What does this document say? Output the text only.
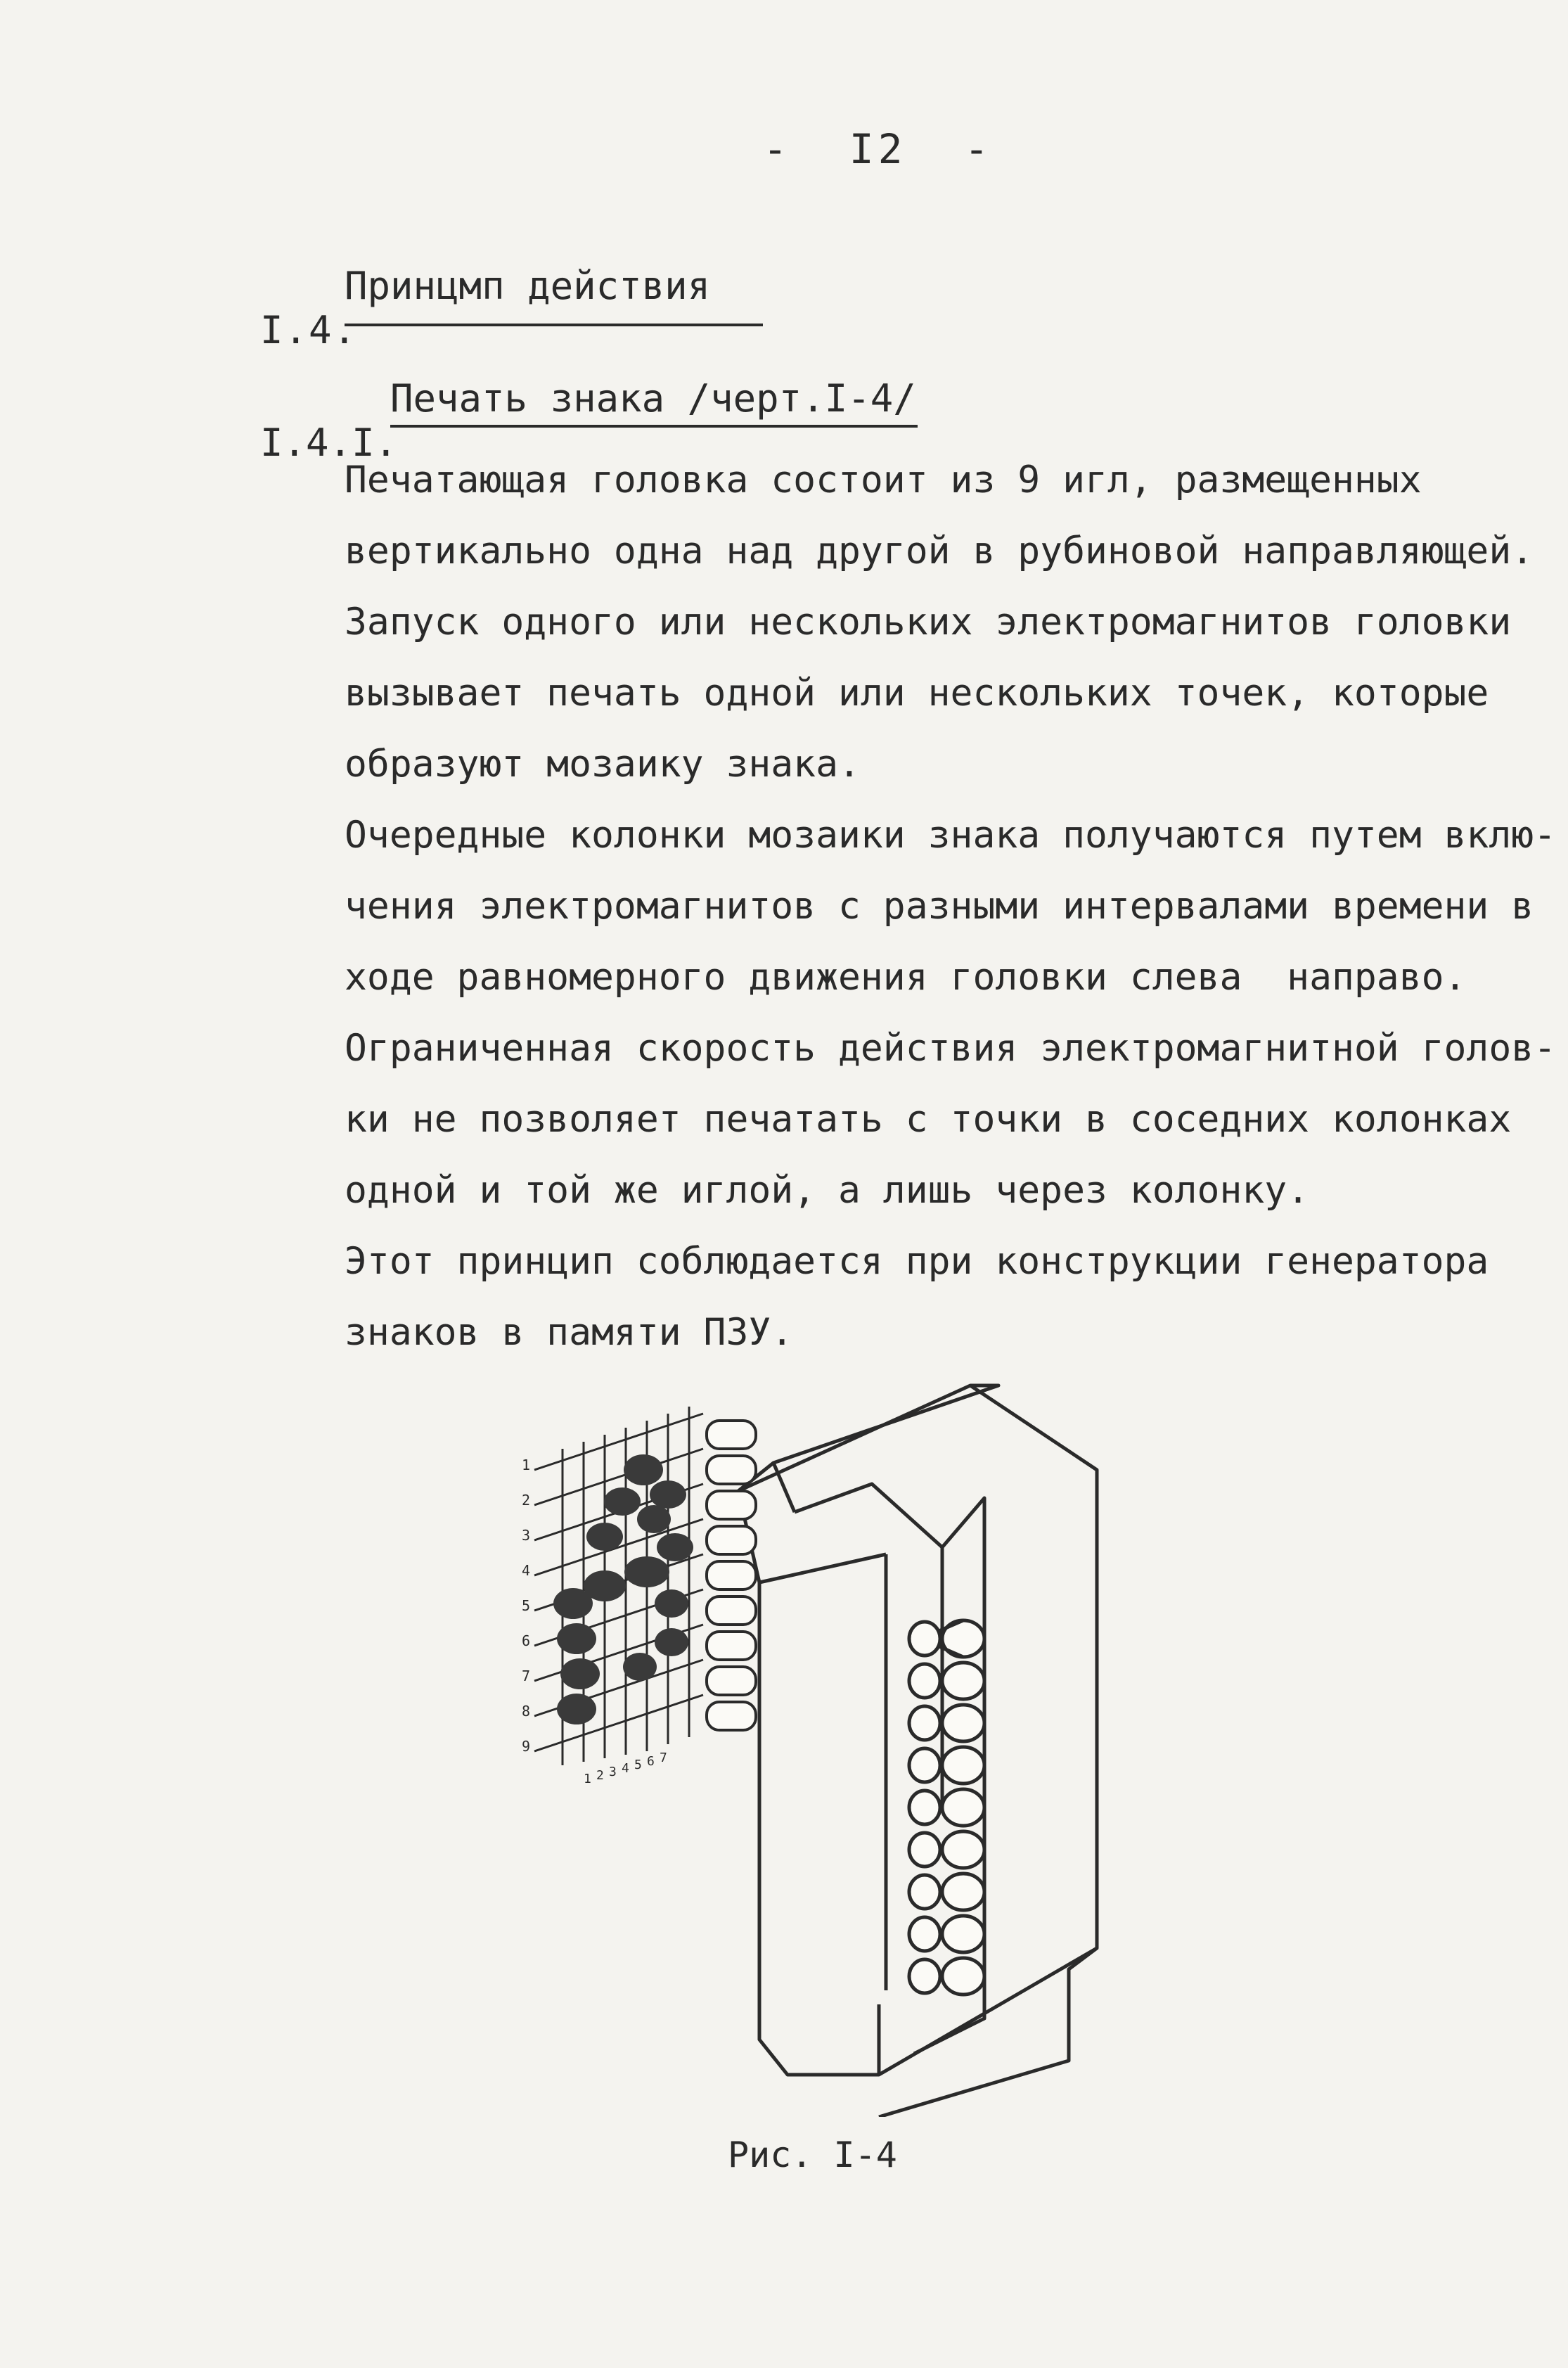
-  I2  -

I.4.

Принцмп действия

I.4.I.

Печать знака /черт.I-4/

Печатающая головка состоит из 9 игл, размещенных
вертикально одна над другой в рубиновой направляющей.
Запуск одного или нескольких электромагнитов головки
вызывает печать одной или нескольких точек, которые
образуют мозаику знака.
Очередные колонки мозаики знака получаются путем вклю-
чения электромагнитов с разными интервалами времени в
ходе равномерного движения головки слева  направо.
Ограниченная скорость действия электромагнитной голов-
ки не позволяет печатать с точки в соседних колонках
одной и той же иглой, а лишь через колонку.
Этот принцип соблюдается при конструкции генератора
знаков в памяти ПЗУ.
1
2
3
4
5
6
7
8
9
1 2 3 4 5 6 7
Рис. I-4
